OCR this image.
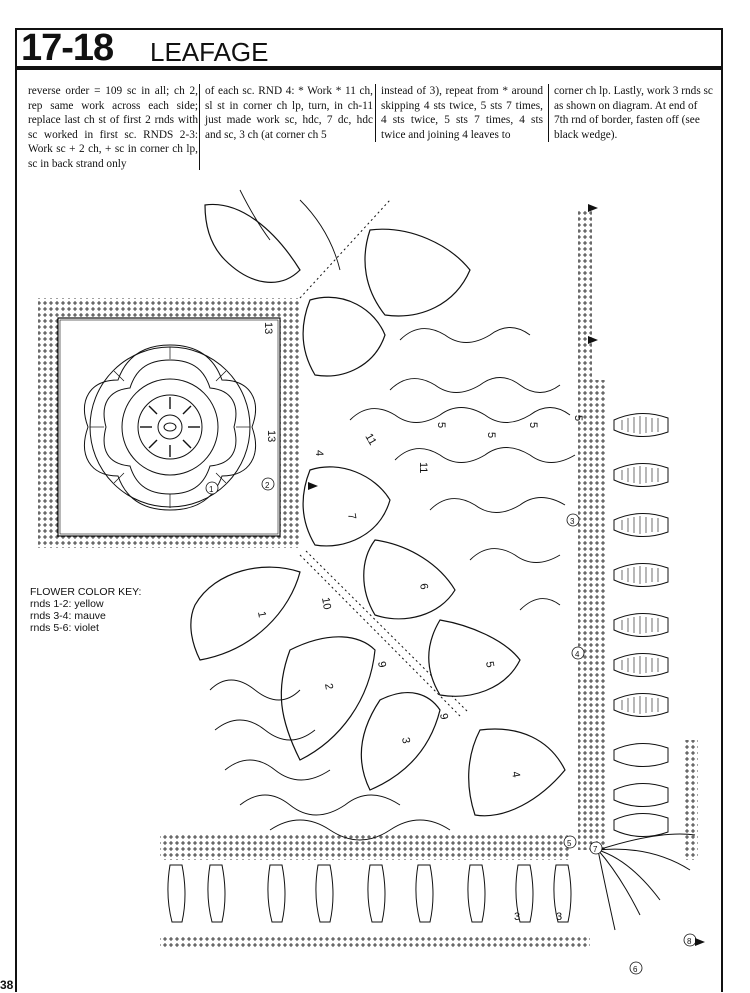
17-18 LEAFAGE
reverse order = 109 sc in all; ch 2, rep same work across each side; replace last ch st of first 2 rnds with sc worked in first sc. RNDS 2-3: Work sc + 2 ch, + sc in corner ch lp, sc in back strand only
of each sc. RND 4: * Work * 11 ch, sl st in corner ch lp, turn, in ch-11 just made work sc, hdc, 7 dc, hdc and sc, 3 ch (at corner ch 5
instead of 3), repeat from * around skipping 4 sts twice, 5 sts 7 times, 4 sts twice, 5 sts 7 times, 4 sts twice and joining 4 leaves to
corner ch lp. Lastly, work 3 rnds sc as shown on diagram. At end of 7th rnd of border, fasten off (see black wedge).
1
2
3
4
5
6
7
10
9
9
13
13
11
11
5
5
5
5
4
3	3
1	2
3
4
5
6
7
8
FLOWER COLOR KEY:
rnds 1-2: yellow
rnds 3-4: mauve
rnds 5-6: violet
38
